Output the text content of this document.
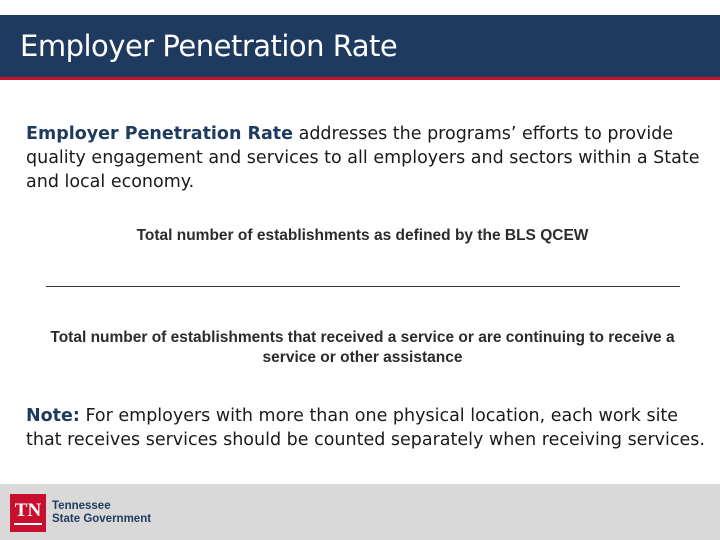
Employer Penetration Rate
Employer Penetration Rate addresses the programs’ efforts to provide quality engagement and services to all employers and sectors within a State and local economy.
Total number of establishments as defined by the BLS QCEW
Total number of establishments that received a service or are continuing to receive a service or other assistance
Note: For employers with more than one physical location, each work site that receives services should be counted separately when receiving services.
TN Tennessee
State Government
